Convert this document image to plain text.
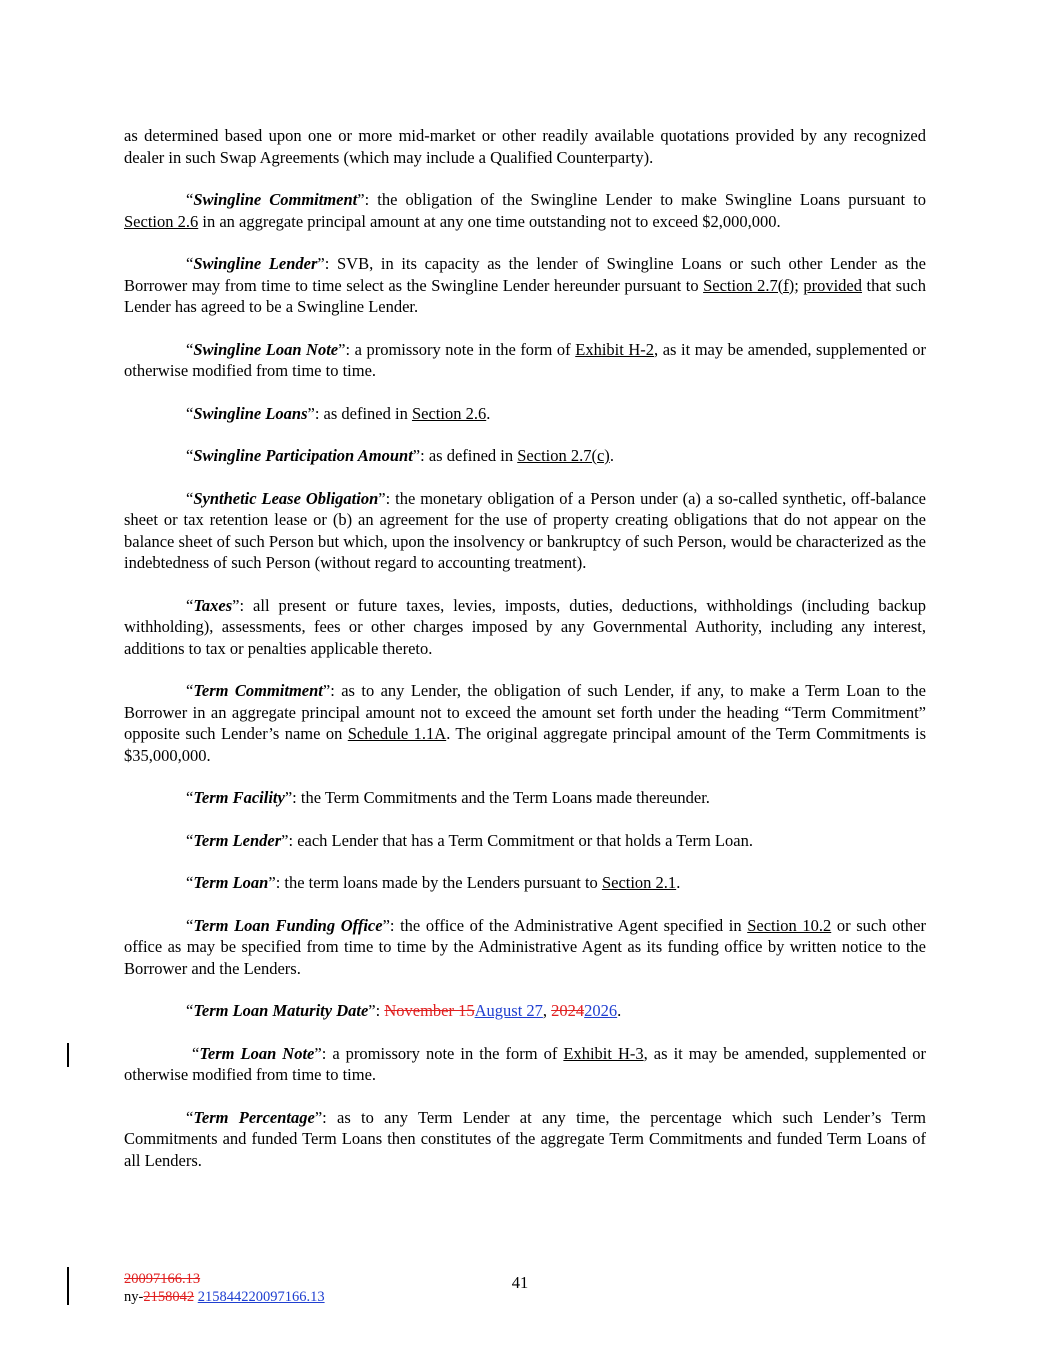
as determined based upon one or more mid-market or other readily available quotations provided by any recognized dealer in such Swap Agreements (which may include a Qualified Counterparty).

“Swingline Commitment”: the obligation of the Swingline Lender to make Swingline Loans pursuant to Section 2.6 in an aggregate principal amount at any one time outstanding not to exceed $2,000,000.

“Swingline Lender”: SVB, in its capacity as the lender of Swingline Loans or such other Lender as the Borrower may from time to time select as the Swingline Lender hereunder pursuant to Section 2.7(f); provided that such Lender has agreed to be a Swingline Lender.

“Swingline Loan Note”: a promissory note in the form of Exhibit H-2, as it may be amended, supplemented or otherwise modified from time to time.

“Swingline Loans”: as defined in Section 2.6.

“Swingline Participation Amount”: as defined in Section 2.7(c).

“Synthetic Lease Obligation”: the monetary obligation of a Person under (a) a so-called synthetic, off-balance sheet or tax retention lease or (b) an agreement for the use of property creating obligations that do not appear on the balance sheet of such Person but which, upon the insolvency or bankruptcy of such Person, would be characterized as the indebtedness of such Person (without regard to accounting treatment).

“Taxes”: all present or future taxes, levies, imposts, duties, deductions, withholdings (including backup withholding), assessments, fees or other charges imposed by any Governmental Authority, including any interest, additions to tax or penalties applicable thereto.

“Term Commitment”: as to any Lender, the obligation of such Lender, if any, to make a Term Loan to the Borrower in an aggregate principal amount not to exceed the amount set forth under the heading “Term Commitment” opposite such Lender’s name on Schedule 1.1A. The original aggregate principal amount of the Term Commitments is $35,000,000.

“Term Facility”: the Term Commitments and the Term Loans made thereunder.

“Term Lender”: each Lender that has a Term Commitment or that holds a Term Loan.

“Term Loan”: the term loans made by the Lenders pursuant to Section 2.1.

“Term Loan Funding Office”: the office of the Administrative Agent specified in Section 10.2 or such other office as may be specified from time to time by the Administrative Agent as its funding office by written notice to the Borrower and the Lenders.

“Term Loan Maturity Date”: November 15August 27, 20242026.

“Term Loan Note”: a promissory note in the form of Exhibit H-3, as it may be amended, supplemented or otherwise modified from time to time.

“Term Percentage”: as to any Term Lender at any time, the percentage which such Lender’s Term Commitments and funded Term Loans then constitutes of the aggregate Term Commitments and funded Term Loans of all Lenders.

20097166.13
ny-2158042 215844220097166.13
41
